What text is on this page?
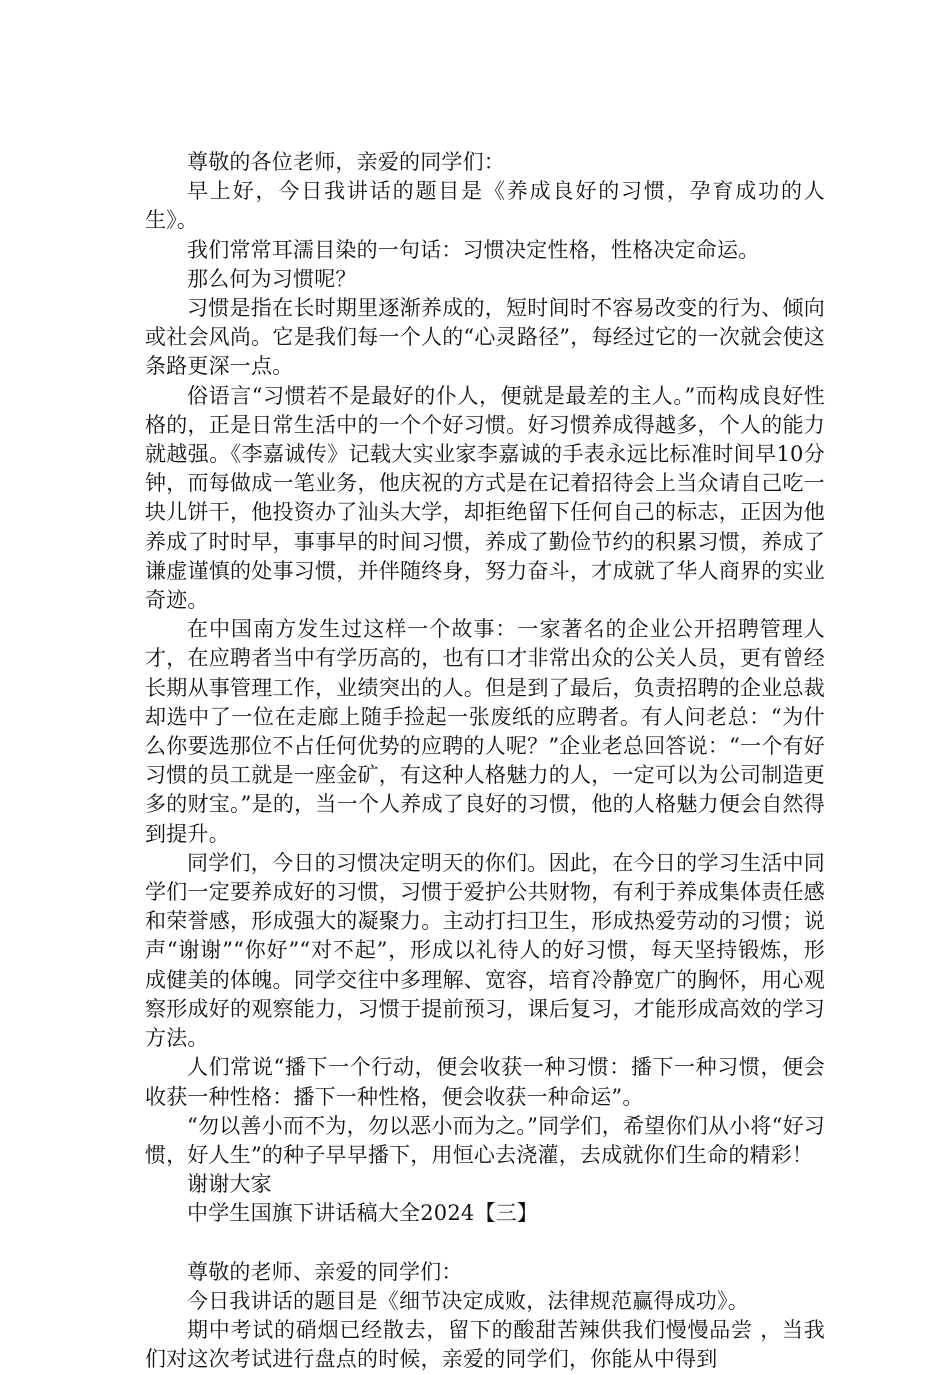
尊敬的各位老师，亲爱的同学们：

早上好，今日我讲话的题目是《养成良好的习惯，孕育成功的人生》。

我们常常耳濡目染的一句话：习惯决定性格，性格决定命运。

那么何为习惯呢？

习惯是指在长时期里逐渐养成的，短时间时不容易改变的行为、倾向或社会风尚。它是我们每一个人的“心灵路径”，每经过它的一次就会使这条路更深一点。

俗语言“习惯若不是最好的仆人，便就是最差的主人。”而构成良好性格的，正是日常生活中的一个个好习惯。好习惯养成得越多，个人的能力就越强。《李嘉诚传》记载大实业家李嘉诚的手表永远比标准时间早10分钟，而每做成一笔业务，他庆祝的方式是在记着招待会上当众请自己吃一块儿饼干，他投资办了汕头大学，却拒绝留下任何自己的标志，正因为他养成了时时早，事事早的时间习惯，养成了勤俭节约的积累习惯，养成了谦虚谨慎的处事习惯，并伴随终身，努力奋斗，才成就了华人商界的实业奇迹。

在中国南方发生过这样一个故事：一家著名的企业公开招聘管理人才，在应聘者当中有学历高的，也有口才非常出众的公关人员，更有曾经长期从事管理工作，业绩突出的人。但是到了最后，负责招聘的企业总裁却选中了一位在走廊上随手捡起一张废纸的应聘者。有人问老总：“为什么你要选那位不占任何优势的应聘的人呢？”企业老总回答说：“一个有好习惯的员工就是一座金矿，有这种人格魅力的人，一定可以为公司制造更多的财宝。”是的，当一个人养成了良好的习惯，他的人格魅力便会自然得到提升。

同学们，今日的习惯决定明天的你们。因此，在今日的学习生活中同学们一定要养成好的习惯，习惯于爱护公共财物，有利于养成集体责任感和荣誉感，形成强大的凝聚力。主动打扫卫生，形成热爱劳动的习惯；说声“谢谢”“你好”“对不起”，形成以礼待人的好习惯，每天坚持锻炼，形成健美的体魄。同学交往中多理解、宽容，培育冷静宽广的胸怀，用心观察形成好的观察能力，习惯于提前预习，课后复习，才能形成高效的学习方法。

人们常说“播下一个行动，便会收获一种习惯：播下一种习惯，便会收获一种性格：播下一种性格，便会收获一种命运”。

“勿以善小而不为，勿以恶小而为之。”同学们，希望你们从小将“好习惯，好人生”的种子早早播下，用恒心去浇灌，去成就你们生命的精彩！

谢谢大家

中学生国旗下讲话稿大全2024【三】

尊敬的老师、亲爱的同学们：

今日我讲话的题目是《细节决定成败，法律规范赢得成功》。

期中考试的硝烟已经散去，留下的酸甜苦辣供我们慢慢品尝 ，当我们对这次考试进行盘点的时候，亲爱的同学们，你能从中得到
